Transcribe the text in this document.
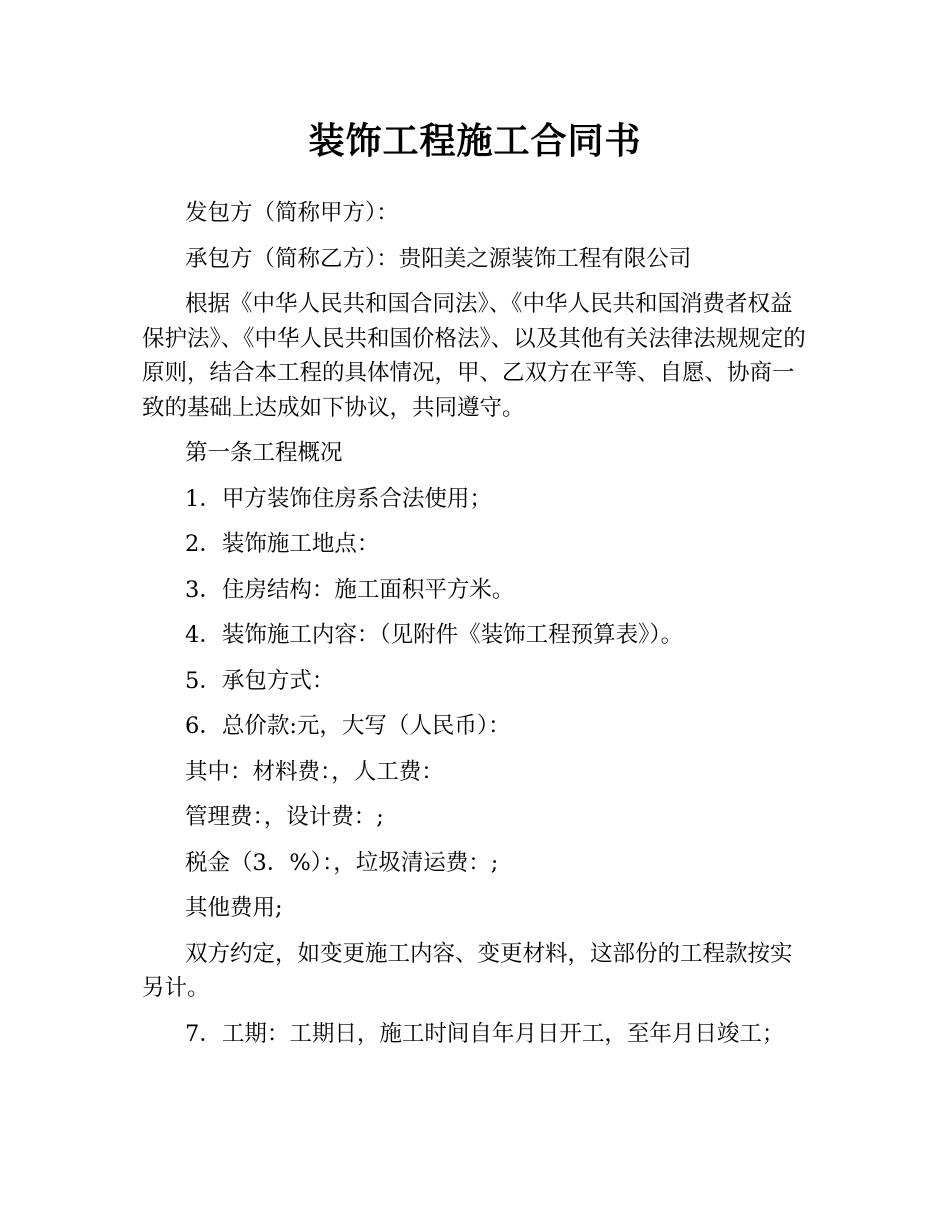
装饰工程施工合同书

发包方（简称甲方）：

承包方（简称乙方）：贵阳美之源装饰工程有限公司

根据《中华人民共和国合同法》、《中华人民共和国消费者权益保护法》、《中华人民共和国价格法》、以及其他有关法律法规规定的原则，结合本工程的具体情况，甲、乙双方在平等、自愿、协商一致的基础上达成如下协议，共同遵守。

第一条工程概况

1．甲方装饰住房系合法使用；

2．装饰施工地点：

3．住房结构：施工面积平方米。

4．装饰施工内容：（见附件《装饰工程预算表》）。

5．承包方式：

6．总价款:元，大写（人民币）：

其中：材料费：，人工费：

管理费：，设计费：;

税金（3．%）：，垃圾清运费：;

其他费用;

双方约定，如变更施工内容、变更材料，这部份的工程款按实另计。

7．工期：工期日，施工时间自年月日开工，至年月日竣工；
